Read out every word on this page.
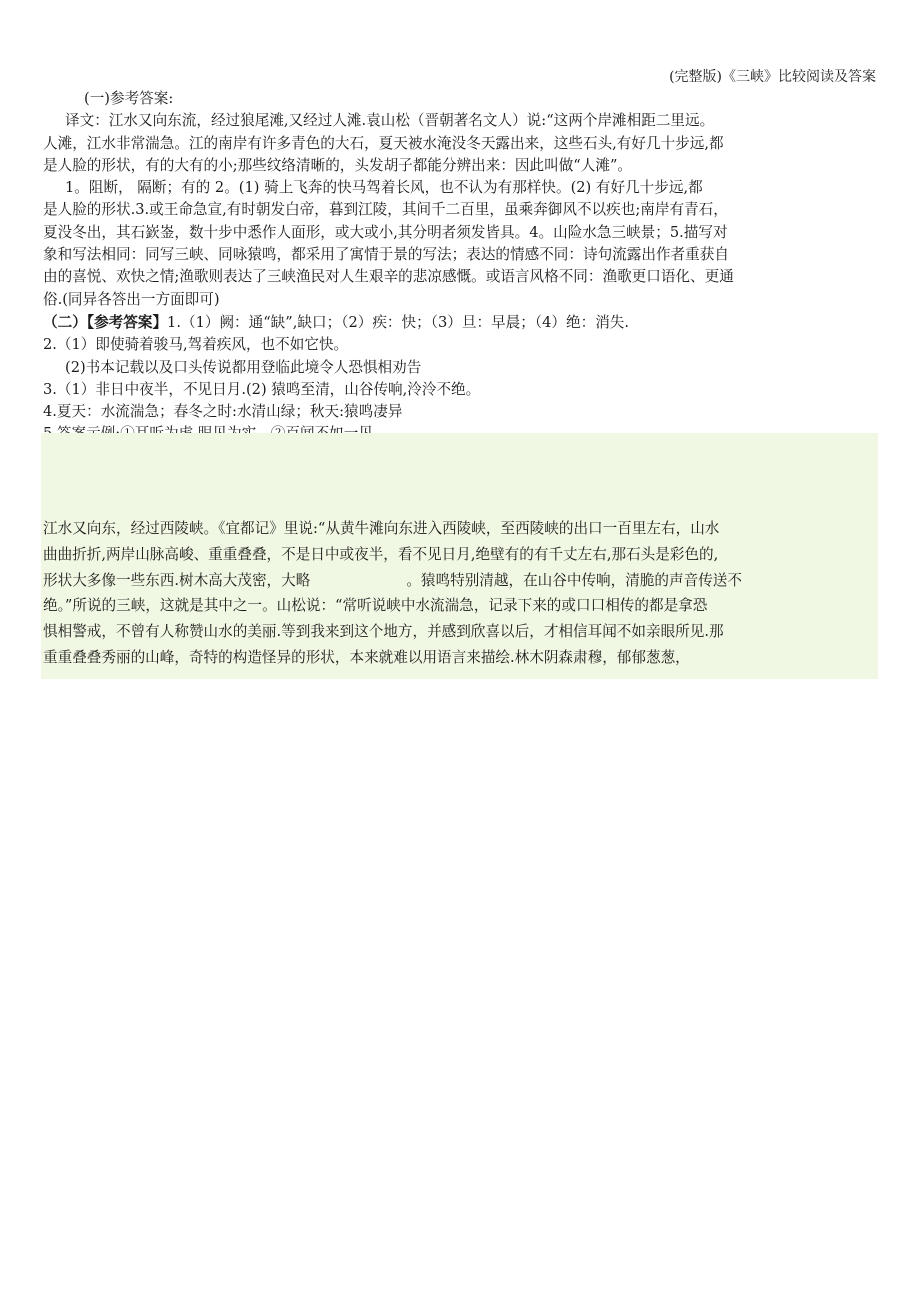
(完整版)《三峡》比较阅读及答案

(一)参考答案:

译文：江水又向东流，经过狼尾滩,又经过人滩.袁山松（晋朝著名文人）说:“这两个岸滩相距二里远。

人滩，江水非常湍急。江的南岸有许多青色的大石，夏天被水淹没冬天露出来，这些石头,有好几十步远,都

是人脸的形状，有的大有的小;那些纹络清晰的，头发胡子都能分辨出来：因此叫做“人滩”。

1。阻断， 隔断；有的 2。(1) 骑上飞奔的快马驾着长风，也不认为有那样快。(2) 有好几十步远,都

是人脸的形状.3.或王命急宣,有时朝发白帝，暮到江陵，其间千二百里，虽乘奔御风不以疾也;南岸有青石，

夏没冬出，其石嶔崟，数十步中悉作人面形，或大或小,其分明者须发皆具。4。山险水急三峡景；5.描写对

象和写法相同：同写三峡、同咏猿鸣，都采用了寓情于景的写法；表达的情感不同：诗句流露出作者重获自

由的喜悦、欢快之情;渔歌则表达了三峡渔民对人生艰辛的悲凉感慨。或语言风格不同：渔歌更口语化、更通

俗.(同异各答出一方面即可)

（二）【参考答案】1.（1）阙：通“缺”,缺口；（2）疾：快；（3）旦：早晨；（4）绝：消失.

2.（1）即使骑着骏马,驾着疾风，也不如它快。

(2)书本记载以及口头传说都用登临此境令人恐惧相劝告

3.（1）非日中夜半，不见日月.(2) 猿鸣至清，山谷传响,泠泠不绝。

4.夏天：水流湍急；春冬之时:水清山绿；秋天:猿鸣凄异

江水又向东，经过西陵峡。《宜都记》里说:“从黄牛滩向东进入西陵峡，至西陵峡的出口一百里左右，山水

曲曲折折,两岸山脉高峻、重重叠叠，不是日中或夜半，看不见日月,绝壁有的有千丈左右,那石头是彩色的,

形状大多像一些东西.树木高大茂密，大略	。猿鸣特别清越，在山谷中传响，清脆的声音传送不

绝。”所说的三峡，这就是其中之一。山松说：“常听说峡中水流湍急，记录下来的或口口相传的都是拿恐

惧相警戒，不曾有人称赞山水的美丽.等到我来到这个地方，并感到欣喜以后，才相信耳闻不如亲眼所见.那

重重叠叠秀丽的山峰，奇特的构造怪异的形状，本来就难以用语言来描绘.林木阴森肃穆，郁郁葱葱，
